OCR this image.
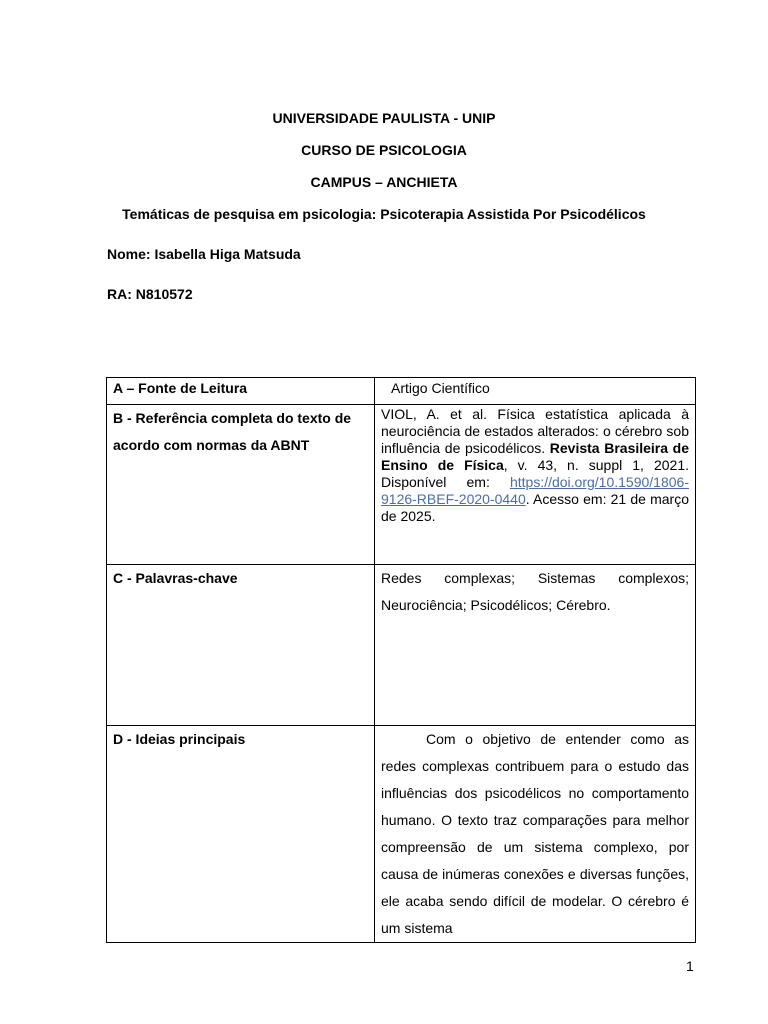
UNIVERSIDADE PAULISTA - UNIP
CURSO DE PSICOLOGIA
CAMPUS – ANCHIETA
Temáticas de pesquisa em psicologia: Psicoterapia Assistida Por Psicodélicos
Nome: Isabella Higa Matsuda
RA: N810572
A – Fonte de Leitura	Artigo Científico
B - Referência completa do texto de acordo com normas da ABNT	VIOL, A. et al. Física estatística aplicada à neurociência de estados alterados: o cérebro sob influência de psicodélicos. Revista Brasileira de Ensino de Física, v. 43, n. suppl 1, 2021. Disponível em: https://doi.org/10.1590/1806-9126-RBEF-2020-0440. Acesso em: 21 de março de 2025.
C - Palavras-chave	Redes complexas; Sistemas complexos; Neurociência; Psicodélicos; Cérebro.
D - Ideias principais	Com o objetivo de entender como as redes complexas contribuem para o estudo das influências dos psicodélicos no comportamento humano. O texto traz comparações para melhor compreensão de um sistema complexo, por causa de inúmeras conexões e diversas funções, ele acaba sendo difícil de modelar. O cérebro é um sistema
1
